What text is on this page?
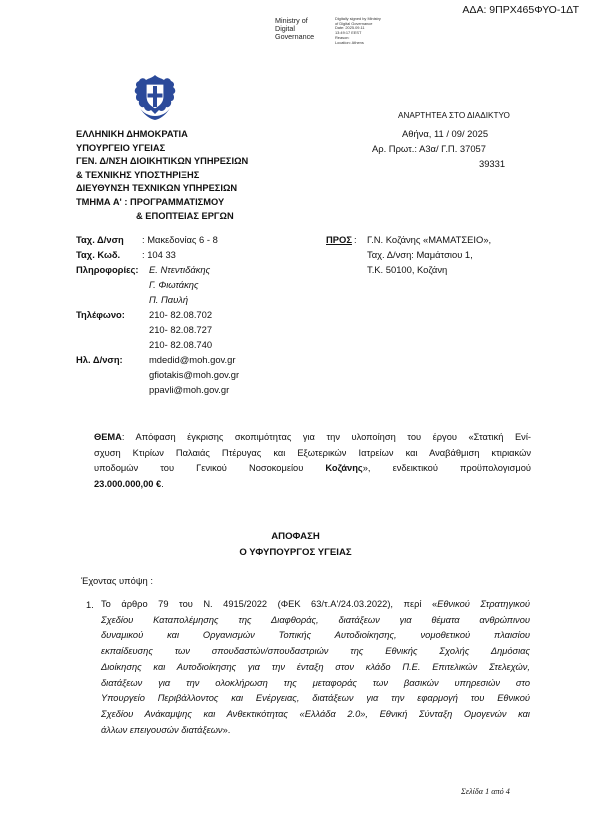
ΑΔΑ: 9ΠΡΧ465ΦΥΟ-1ΔΤ
Ministry of
Digital
Governance
Digitally signed by Ministry
of Digital Governance
Date: 2025.09.11
13:49:17 EEST
Reason:
Location: Athens
ΑΝΑΡΤΗΤΕΑ ΣΤΟ ΔΙΑΔΙΚΤΥΟ
ΕΛΛΗΝΙΚΗ ΔΗΜΟΚΡΑΤΙΑ
ΥΠΟΥΡΓΕΙΟ ΥΓΕΙΑΣ
ΓΕΝ. Δ/ΝΣΗ ΔΙΟΙΚΗΤΙΚΩΝ ΥΠΗΡΕΣΙΩΝ
& ΤΕΧΝΙΚΗΣ ΥΠΟΣΤΗΡΙΞΗΣ
ΔΙΕΥΘΥΝΣΗ ΤΕΧΝΙΚΩΝ ΥΠΗΡΕΣΙΩΝ
ΤΜΗΜΑ Α' : ΠΡΟΓΡΑΜΜΑΤΙΣΜΟΥ
& ΕΠΟΠΤΕΙΑΣ ΕΡΓΩΝ
Αθήνα, 11 / 09/ 2025
Αρ. Πρωτ.: Α3α/ Γ.Π. 37057
39331
Ταχ. Δ/νση : Μακεδονίας 6 - 8
Ταχ. Κωδ. : 104 33
Πληροφορίες: Ε. Ντεντιδάκης
Γ. Φιωτάκης
Π. Παυλή
Τηλέφωνο:	210- 82.08.702
210- 82.08.727
210- 82.08.740
Ηλ. Δ/νση:	mdedid@moh.gov.gr
gfiotakis@moh.gov.gr
ppavli@moh.gov.gr
ΠΡΟΣ : Γ.Ν. Κοζάνης «ΜΑΜΑΤΣΕΙΟ»,
Ταχ. Δ/νση: Μαμάτσιου 1,
Τ.Κ. 50100, Κοζάνη
ΘΕΜΑ: Απόφαση έγκρισης σκοπιμότητας για την υλοποίηση του έργου «Στατική Ενί-
σχυση Κτιρίων Παλαιάς Πτέρυγας και Εξωτερικών Ιατρείων και Αναβάθμιση κτιριακών
υποδομών του Γενικού Νοσοκομείου Κοζάνης», ενδεικτικού προϋπολογισμού
23.000.000,00 €.
ΑΠΟΦΑΣΗ
Ο ΥΦΥΠΟΥΡΓΟΣ ΥΓΕΙΑΣ
Έχοντας υπόψη :
1. Το άρθρο 79 του Ν. 4915/2022 (ΦΕΚ 63/τ.Α'/24.03.2022), περί «Εθνικού Στρατηγικού
Σχεδίου Καταπολέμησης της Διαφθοράς, διατάξεων για θέματα ανθρώπινου
δυναμικού και Οργανισμών Τοπικής Αυτοδιοίκησης, νομοθετικού πλαισίου
εκπαίδευσης των σπουδαστών/σπουδαστριών της Εθνικής Σχολής Δημόσιας
Διοίκησης και Αυτοδιοίκησης για την ένταξη στον κλάδο Π.Ε. Επιτελικών Στελεχών,
διατάξεων για την ολοκλήρωση της μεταφοράς των βασικών υπηρεσιών στο
Υπουργείο Περιβάλλοντος και Ενέργειας, διατάξεων για την εφαρμογή του Εθνικού
Σχεδίου Ανάκαμψης και Ανθεκτικότητας «Ελλάδα 2.0», Εθνική Σύνταξη Ομογενών και
άλλων επειγουσών διατάξεων».
Σελίδα 1 από 4
